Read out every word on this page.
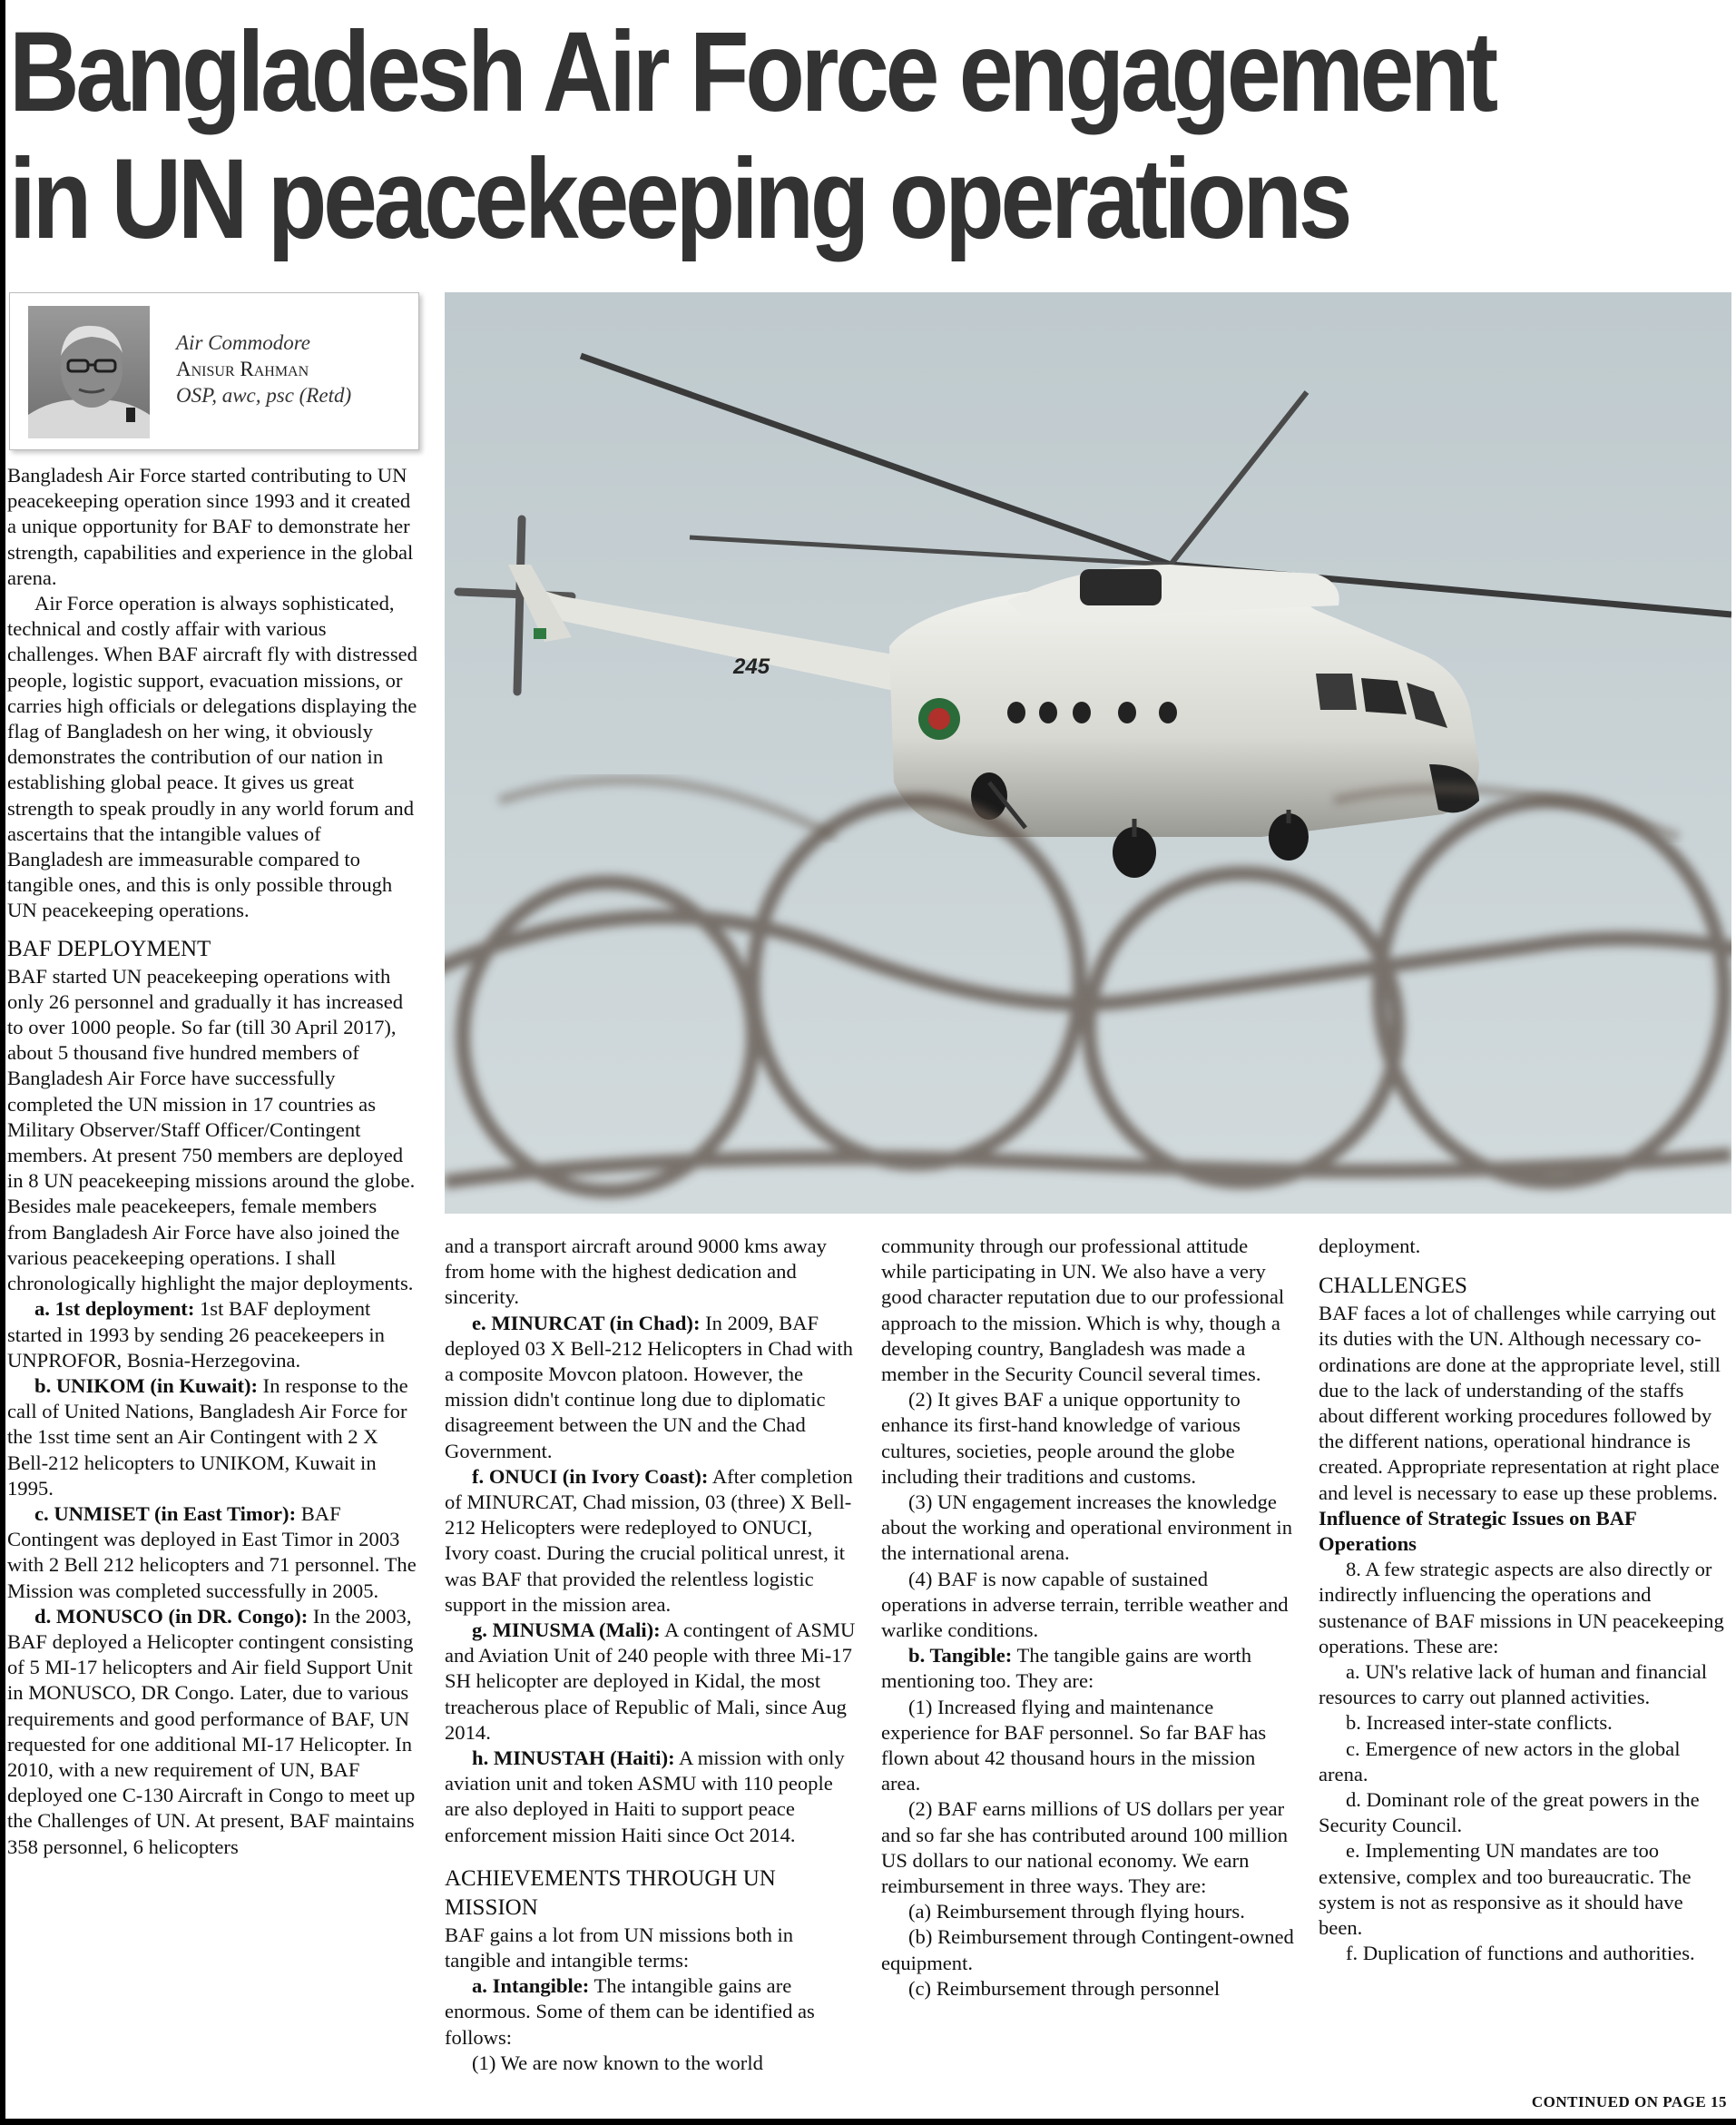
Bangladesh Air Force engagement
in UN peacekeeping operations
Air Commodore
Anisur Rahman
OSP, awc, psc (Retd)
245

Bangladesh Air Force started contributing to UN peacekeeping operation since 1993 and it created a unique opportunity for BAF to demonstrate her strength, capabilities and experience in the global arena.

Air Force operation is always sophisticated, technical and costly affair with various challenges. When BAF aircraft fly with distressed people, logistic support, evacuation missions, or carries high officials or delegations displaying the flag of Bangladesh on her wing, it obviously demonstrates the contribution of our nation in establishing global peace. It gives us great strength to speak proudly in any world forum and ascertains that the intangible values of Bangladesh are immeasurable compared to tangible ones, and this is only possible through UN peacekeeping operations.

BAF DEPLOYMENT

BAF started UN peacekeeping operations with only 26 personnel and gradually it has increased to over 1000 people. So far (till 30 April 2017), about 5 thousand five hundred members of Bangladesh Air Force have successfully completed the UN mission in 17 countries as Military Observer/Staff Officer/Contingent members. At present 750 members are deployed in 8 UN peacekeeping missions around the globe. Besides male peacekeepers, female members from Bangladesh Air Force have also joined the various peacekeeping operations. I shall chronologically highlight the major deployments.

a. 1st deployment: 1st BAF deployment started in 1993 by sending 26 peacekeepers in UNPROFOR, Bosnia-Herzegovina.

b. UNIKOM (in Kuwait): In response to the call of United Nations, Bangladesh Air Force for the 1sst time sent an Air Contingent with 2 X Bell-212 helicopters to UNIKOM, Kuwait in 1995.

c. UNMISET (in East Timor): BAF Contingent was deployed in East Timor in 2003 with 2 Bell 212 helicopters and 71 personnel. The Mission was completed successfully in 2005.

d. MONUSCO (in DR. Congo): In the 2003, BAF deployed a Helicopter contingent consisting of 5 MI-17 helicopters and Air field Support Unit in MONUSCO, DR Congo. Later, due to various requirements and good performance of BAF, UN requested for one additional MI-17 Helicopter. In 2010, with a new requirement of UN, BAF deployed one C-130 Aircraft in Congo to meet up the Challenges of UN. At present, BAF maintains 358 personnel, 6 helicopters

and a transport aircraft around 9000 kms away from home with the highest dedication and sincerity.

e. MINURCAT (in Chad): In 2009, BAF deployed 03 X Bell-212 Helicopters in Chad with a composite Movcon platoon. However, the mission didn't continue long due to diplomatic disagreement between the UN and the Chad Government.

f. ONUCI (in Ivory Coast): After completion of MINURCAT, Chad mission, 03 (three) X Bell-212 Helicopters were redeployed to ONUCI, Ivory coast. During the crucial political unrest, it was BAF that provided the relentless logistic support in the mission area.

g. MINUSMA (Mali): A contingent of ASMU and Aviation Unit of 240 people with three Mi-17 SH helicopter are deployed in Kidal, the most treacherous place of Republic of Mali, since Aug 2014.

h. MINUSTAH (Haiti): A mission with only aviation unit and token ASMU with 110 people are also deployed in Haiti to support peace enforcement mission Haiti since Oct 2014.

ACHIEVEMENTS THROUGH UN MISSION

BAF gains a lot from UN missions both in tangible and intangible terms:

a. Intangible: The intangible gains are enormous. Some of them can be identified as follows:

(1) We are now known to the world

community through our professional attitude while participating in UN. We also have a very good character reputation due to our professional approach to the mission. Which is why, though a developing country, Bangladesh was made a member in the Security Council several times.

(2) It gives BAF a unique opportunity to enhance its first-hand knowledge of various cultures, societies, people around the globe including their traditions and customs.

(3) UN engagement increases the knowledge about the working and operational environment in the international arena.

(4) BAF is now capable of sustained operations in adverse terrain, terrible weather and warlike conditions.

b. Tangible: The tangible gains are worth mentioning too. They are:

(1) Increased flying and maintenance experience for BAF personnel. So far BAF has flown about 42 thousand hours in the mission area.

(2) BAF earns millions of US dollars per year and so far she has contributed around 100 million US dollars to our national economy. We earn reimbursement in three ways. They are:

(a) Reimbursement through flying hours.

(b) Reimbursement through Contingent-owned equipment.

(c) Reimbursement through personnel

deployment.

CHALLENGES

BAF faces a lot of challenges while carrying out its duties with the UN. Although necessary co-ordinations are done at the appropriate level, still due to the lack of understanding of the staffs about different working procedures followed by the different nations, operational hindrance is created. Appropriate representation at right place and level is necessary to ease up these problems.

Influence of Strategic Issues on BAF Operations

8. A few strategic aspects are also directly or indirectly influencing the operations and sustenance of BAF missions in UN peacekeeping operations. These are:

a. UN's relative lack of human and financial resources to carry out planned activities.

b. Increased inter-state conflicts.

c. Emergence of new actors in the global arena.

d. Dominant role of the great powers in the Security Council.

e. Implementing UN mandates are too extensive, complex and too bureaucratic. The system is not as responsive as it should have been.

f. Duplication of functions and authorities.

CONTINUED ON PAGE 15
